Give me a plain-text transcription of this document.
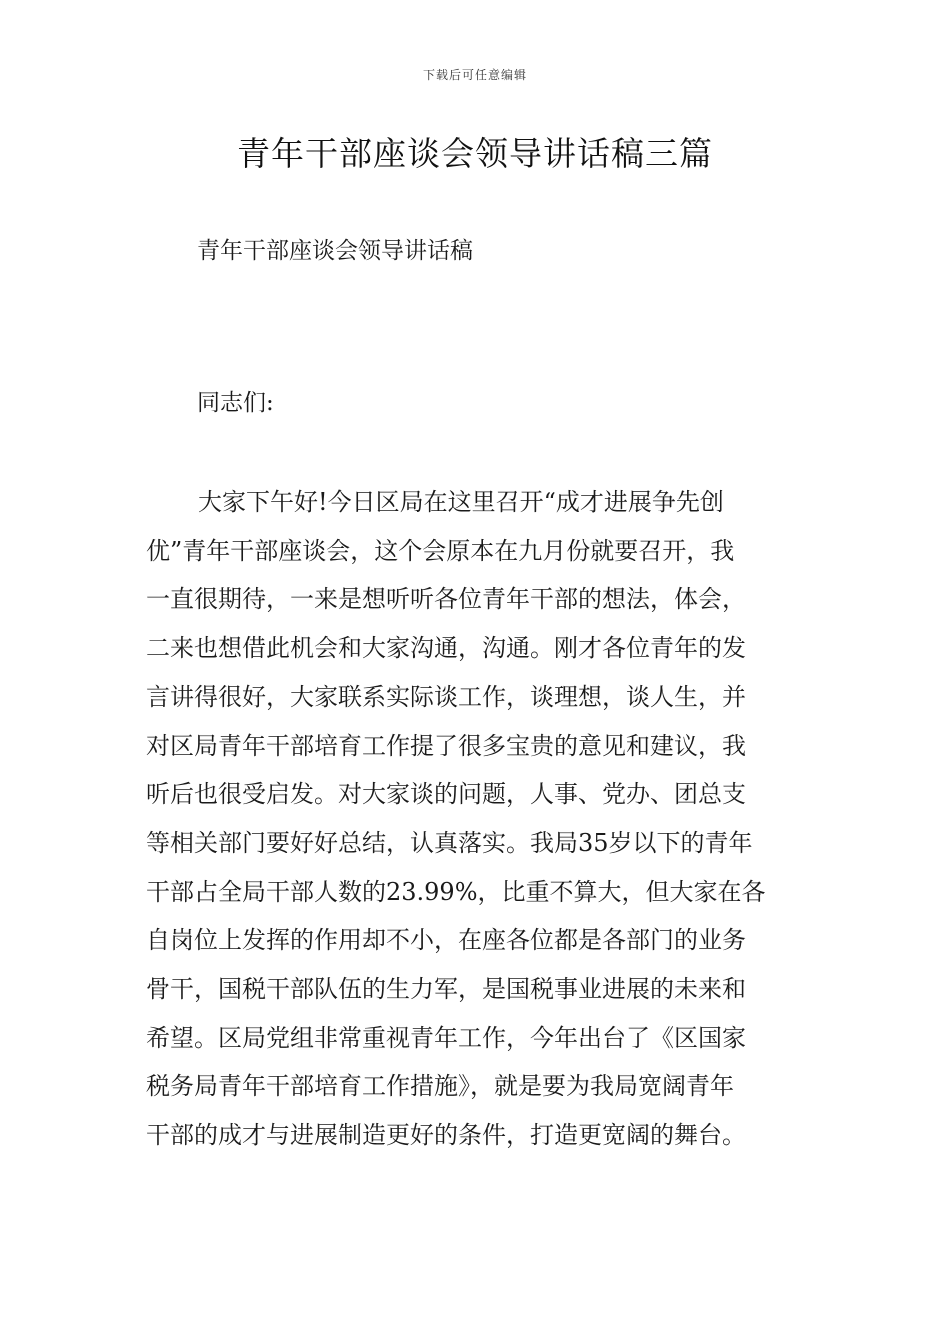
下载后可任意编辑
青年干部座谈会领导讲话稿三篇

青年干部座谈会领导讲话稿

同志们:

大家下午好!今日区局在这里召开“成才进展争先创
优”青年干部座谈会，这个会原本在九月份就要召开，我
一直很期待，一来是想听听各位青年干部的想法，体会，
二来也想借此机会和大家沟通，沟通。刚才各位青年的发
言讲得很好，大家联系实际谈工作，谈理想，谈人生，并
对区局青年干部培育工作提了很多宝贵的意见和建议，我
听后也很受启发。对大家谈的问题，人事、党办、团总支
等相关部门要好好总结，认真落实。我局35岁以下的青年
干部占全局干部人数的23.99%，比重不算大，但大家在各
自岗位上发挥的作用却不小，在座各位都是各部门的业务
骨干，国税干部队伍的生力军，是国税事业进展的未来和
希望。区局党组非常重视青年工作，今年出台了《区国家
税务局青年干部培育工作措施》，就是要为我局宽阔青年
干部的成才与进展制造更好的条件，打造更宽阔的舞台。
